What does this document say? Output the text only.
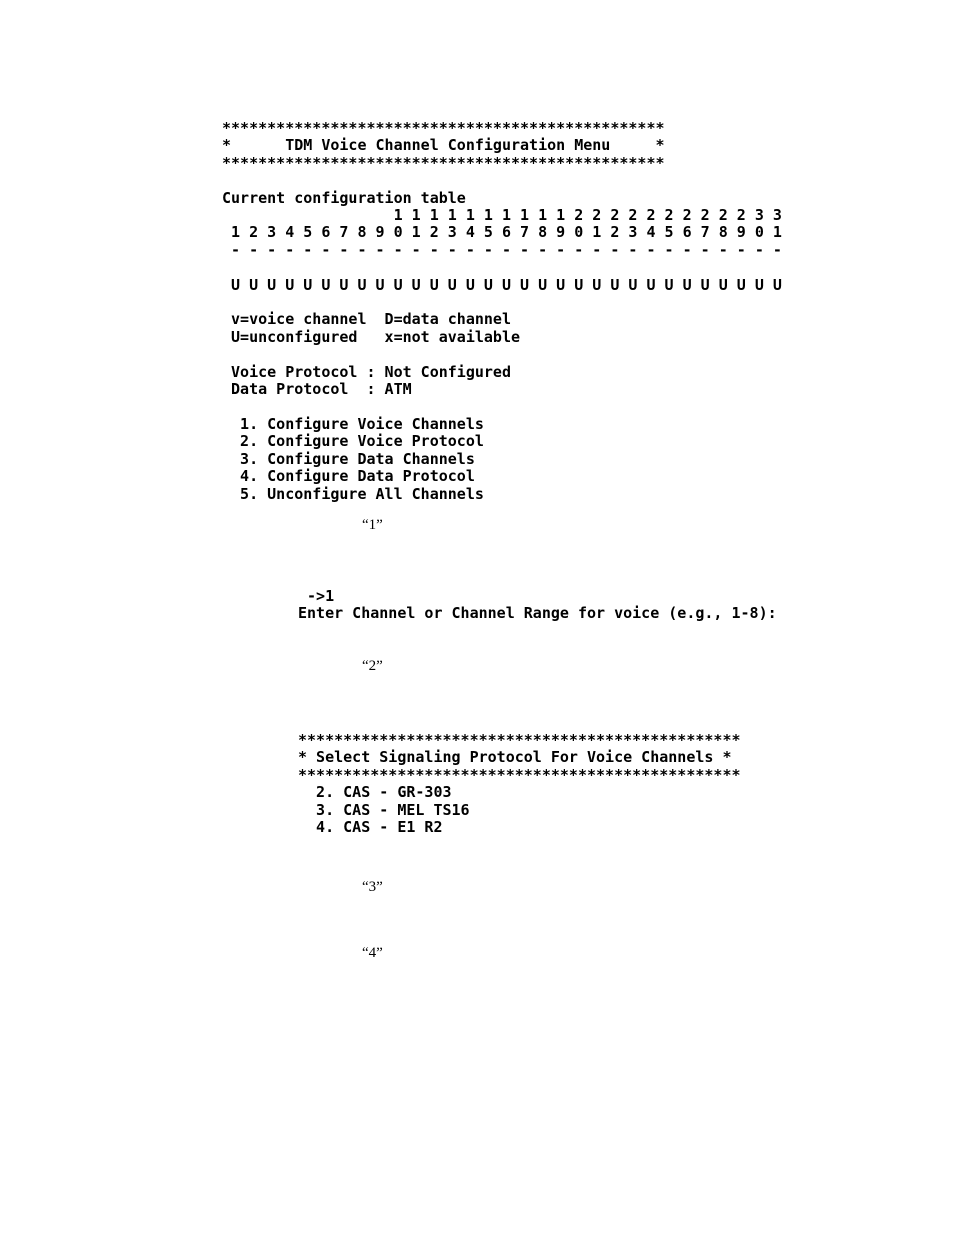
*************************************************
*      TDM Voice Channel Configuration Menu     *
*************************************************

Current configuration table
1 1 1 1 1 1 1 1 1 1 2 2 2 2 2 2 2 2 2 2 3 3
1 2 3 4 5 6 7 8 9 0 1 2 3 4 5 6 7 8 9 0 1 2 3 4 5 6 7 8 9 0 1
- - - - - - - - - - - - - - - - - - - - - - - - - - - - - - -

U U U U U U U U U U U U U U U U U U U U U U U U U U U U U U U

v=voice channel  D=data channel
U=unconfigured   x=not available

Voice Protocol : Not Configured
Data Protocol  : ATM

1. Configure Voice Channels
2. Configure Voice Protocol
3. Configure Data Channels
4. Configure Data Protocol
5. Unconfigure All Channels
“1”
->1
Enter Channel or Channel Range for voice (e.g., 1-8):
“2”
*************************************************
* Select Signaling Protocol For Voice Channels *
*************************************************
2. CAS - GR-303
3. CAS - MEL TS16
4. CAS - E1 R2
“3”
“4”
